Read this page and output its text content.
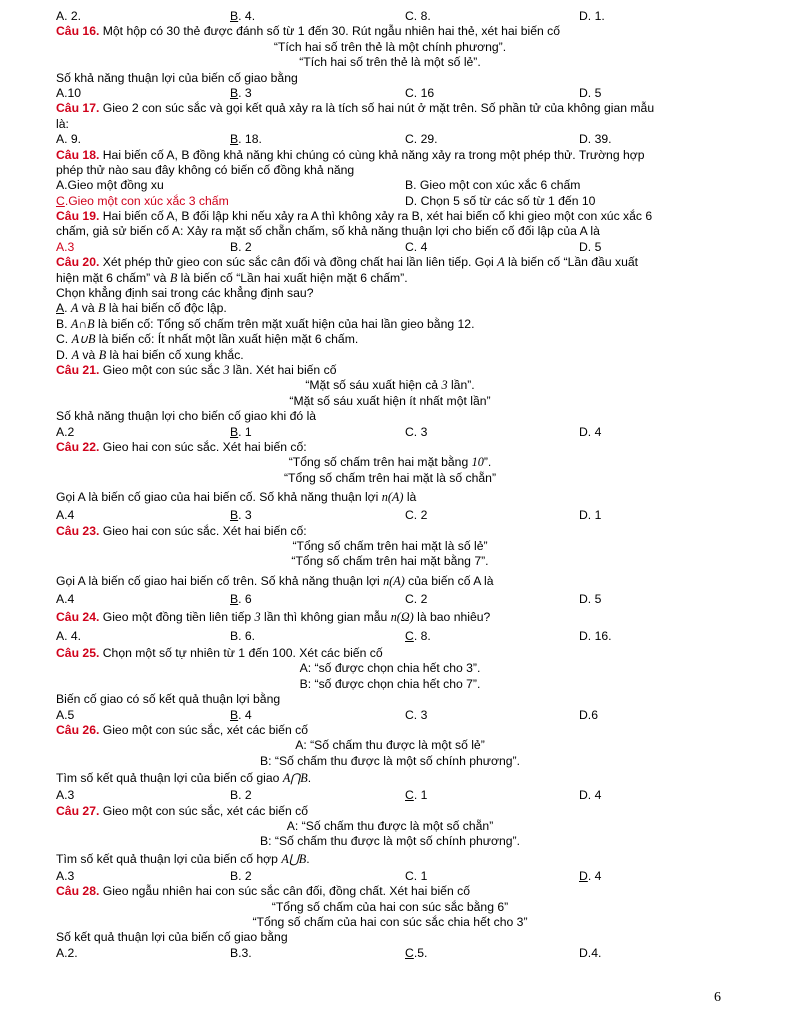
A. 2.	B. 4.	C. 8.	D. 1.
Câu 16. Một hộp có 30 thẻ được đánh số từ 1 đến 30. Rút ngẫu nhiên hai thẻ, xét hai biến cố
“Tích hai số trên thẻ là một chính phương”.
“Tích hai số trên thẻ là một số lẻ”.
Số khả năng thuận lợi của biến cố giao bằng
A.10	B. 3	C. 16	D. 5
Câu 17. Gieo 2 con súc sắc và gọi kết quả xảy ra là tích số hai nút ở mặt trên. Số phần tử của không gian mẫu
là:
A. 9.	B. 18.	C. 29.	D. 39.
Câu 18. Hai biến cố A, B đồng khả năng khi chúng có cùng khả năng xảy ra trong một phép thử. Trường hợp
phép thử nào sau đây không có biến cố đồng khả năng
A.Gieo một đồng xu	B. Gieo một con xúc xắc 6 chấm
C.Gieo một con xúc xắc 3 chấm	D. Chọn 5 số từ các số từ 1 đến 10
Câu 19. Hai biến cố A, B đối lập khi nếu xảy ra A thì không xảy ra B, xét hai biến cố khi gieo một con xúc xắc 6
chấm, giả sử biến cố A: Xảy ra mặt số chẵn chấm, số khả năng thuận lợi cho biến cố đối lập của A là
A.3	B. 2	C. 4	D. 5
Câu 20. Xét phép thử gieo con súc sắc cân đối và đồng chất hai lần liên tiếp. Gọi A là biến cố “Lần đầu xuất
hiện mặt 6 chấm” và B là biến cố “Lần hai xuất hiện mặt 6 chấm”.
Chọn khẳng định sai trong các khẳng định sau?
A. A và B là hai biến cố độc lập.
B. A∩B là biến cố: Tổng số chấm trên mặt xuất hiện của hai lần gieo bằng 12.
C. A∪B là biến cố: Ít nhất một lần xuất hiện mặt 6 chấm.
D. A và B là hai biến cố xung khắc.
Câu 21. Gieo một con súc sắc 3 lần. Xét hai biến cố
“Mặt số sáu xuất hiện cả 3 lần”.
“Mặt số sáu xuất hiện ít nhất một lần”
Số khả năng thuận lợi cho biến cố giao khi đó là
A.2	B. 1	C. 3	D. 4
Câu 22. Gieo hai con súc sắc. Xét hai biến cố:
“Tổng số chấm trên hai mặt bằng 10”.
“Tổng số chấm trên hai mặt là số chẵn”
Gọi A là biến cố giao của hai biến cố. Số khả năng thuận lợi n(A) là
A.4	B. 3	C. 2	D. 1
Câu 23. Gieo hai con súc sắc. Xét hai biến cố:
“Tổng số chấm trên hai mặt là số lẻ”
“Tổng số chấm trên hai mặt bằng 7”.
Gọi A là biến cố giao hai biến cố trên. Số khả năng thuận lợi n(A) của biến cố A là
A.4	B. 6	C. 2	D. 5
Câu 24. Gieo một đồng tiền liên tiếp 3 lần thì không gian mẫu n(Ω) là bao nhiêu?
A. 4.	B. 6.	C. 8.	D. 16.
Câu 25. Chọn một số tự nhiên từ 1 đến 100. Xét các biến cố
A: “số được chọn chia hết cho 3”.
B: “số được chọn chia hết cho 7”.
Biến cố giao có số kết quả thuận lợi bằng
A.5	B. 4	C. 3	D.6
Câu 26. Gieo một con súc sắc, xét các biến cố
A: “Số chấm thu được là một số lẻ”
B: “Số chấm thu được là một số chính phương”.
Tìm số kết quả thuận lợi của biến cố giao A⋂B.
A.3	B. 2	C. 1	D. 4
Câu 27. Gieo một con súc sắc, xét các biến cố
A: “Số chấm thu được là một số chẵn”
B: “Số chấm thu được là một số chính phương”.
Tìm số kết quả thuận lợi của biến cố hợp A⋃B.
A.3	B. 2	C. 1	D. 4
Câu 28. Gieo ngẫu nhiên hai con súc sắc cân đối, đồng chất. Xét hai biến cố
“Tổng số chấm của hai con súc sắc bằng 6”
“Tổng số chấm của hai con súc sắc chia hết cho 3”
Số kết quả thuận lợi của biến cố giao bằng
A.2.	B.3.	C.5.	D.4.
6
